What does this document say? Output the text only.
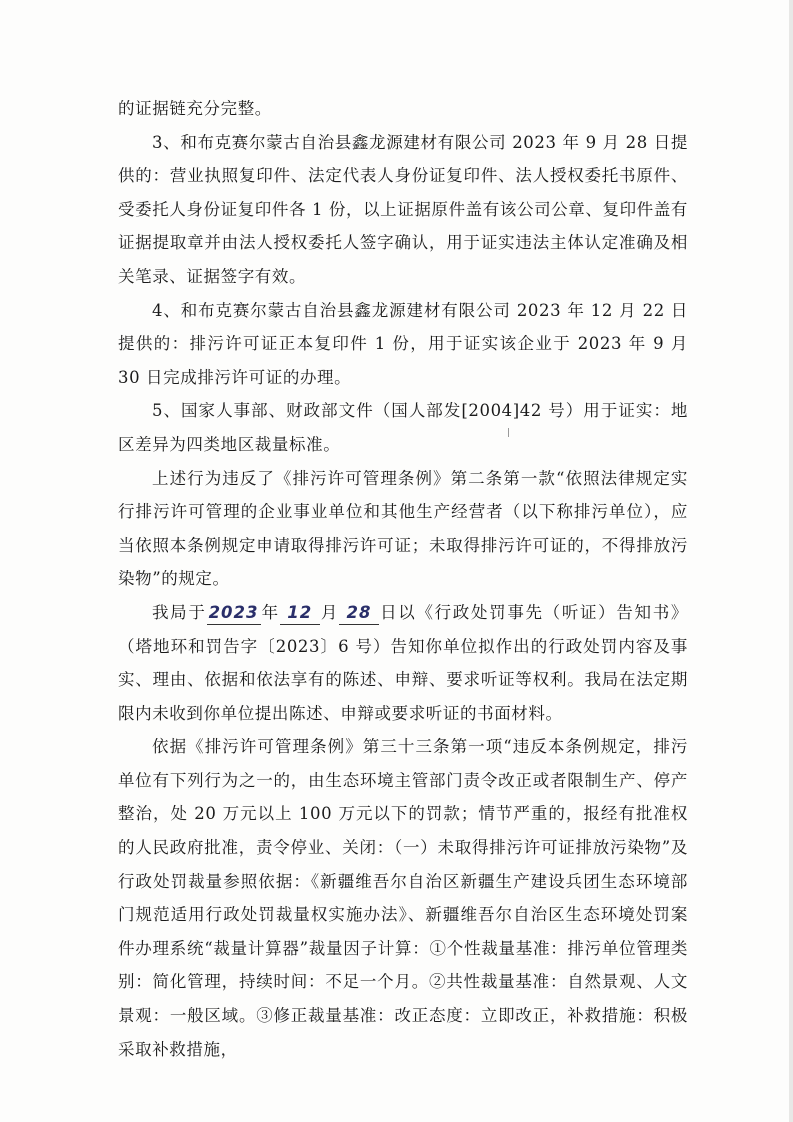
的证据链充分完整。

3、和布克赛尔蒙古自治县鑫龙源建材有限公司 2023 年 9 月 28 日提供的：营业执照复印件、法定代表人身份证复印件、法人授权委托书原件、受委托人身份证复印件各 1 份，以上证据原件盖有该公司公章、复印件盖有证据提取章并由法人授权委托人签字确认，用于证实违法主体认定准确及相关笔录、证据签字有效。

4、和布克赛尔蒙古自治县鑫龙源建材有限公司 2023 年 12 月 22 日提供的：排污许可证正本复印件 1 份，用于证实该企业于 2023 年 9 月 30 日完成排污许可证的办理。

5、国家人事部、财政部文件（国人部发[2004]42 号）用于证实：地区差异为四类地区裁量标准。

上述行为违反了《排污许可管理条例》第二条第一款“依照法律规定实行排污许可管理的企业事业单位和其他生产经营者（以下称排污单位），应当依照本条例规定申请取得排污许可证；未取得排污许可证的，不得排放污染物”的规定。

我局于 2023 年 12 月 28 日以《行政处罚事先（听证）告知书》（塔地环和罚告字〔2023〕6 号）告知你单位拟作出的行政处罚内容及事实、理由、依据和依法享有的陈述、申辩、要求听证等权利。我局在法定期限内未收到你单位提出陈述、申辩或要求听证的书面材料。

依据《排污许可管理条例》第三十三条第一项“违反本条例规定，排污单位有下列行为之一的，由生态环境主管部门责令改正或者限制生产、停产整治，处 20 万元以上 100 万元以下的罚款；情节严重的，报经有批准权的人民政府批准，责令停业、关闭：（一）未取得排污许可证排放污染物”及行政处罚裁量参照依据：《新疆维吾尔自治区新疆生产建设兵团生态环境部门规范适用行政处罚裁量权实施办法》、新疆维吾尔自治区生态环境处罚案件办理系统“裁量计算器”裁量因子计算：①个性裁量基准：排污单位管理类别：简化管理，持续时间：不足一个月。②共性裁量基准：自然景观、人文景观：一般区域。③修正裁量基准：改正态度：立即改正，补救措施：积极采取补救措施，
